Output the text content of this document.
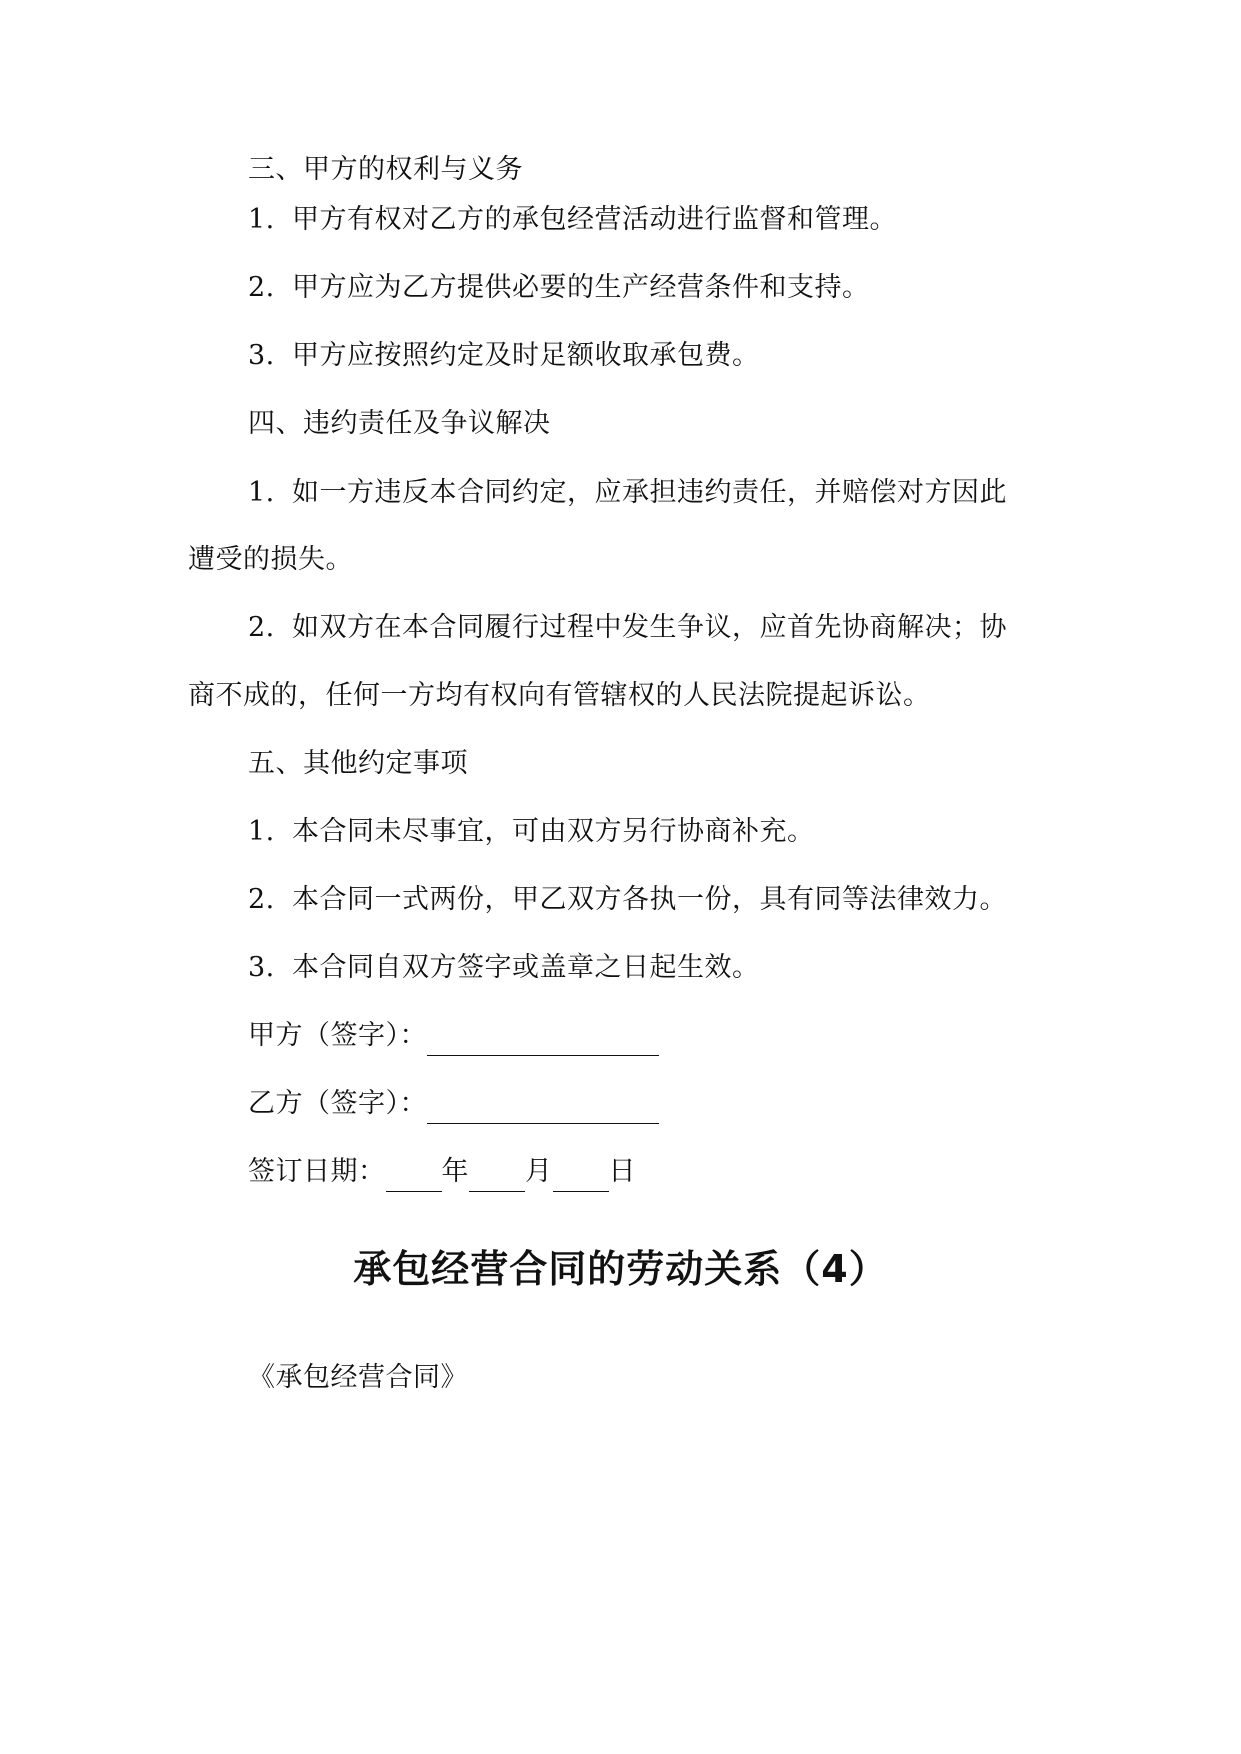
三、甲方的权利与义务
1. 甲方有权对乙方的承包经营活动进行监督和管理。
2. 甲方应为乙方提供必要的生产经营条件和支持。
3. 甲方应按照约定及时足额收取承包费。
四、违约责任及争议解决
1. 如一方违反本合同约定，应承担违约责任，并赔偿对方因此
遭受的损失。
2. 如双方在本合同履行过程中发生争议，应首先协商解决；协
商不成的，任何一方均有权向有管辖权的人民法院提起诉讼。
五、其他约定事项
1. 本合同未尽事宜，可由双方另行协商补充。
2. 本合同一式两份，甲乙双方各执一份，具有同等法律效力。
3. 本合同自双方签字或盖章之日起生效。
甲方（签字）：
乙方（签字）：
签订日期： 年 月 日
承包经营合同的劳动关系（4）
《承包经营合同》
